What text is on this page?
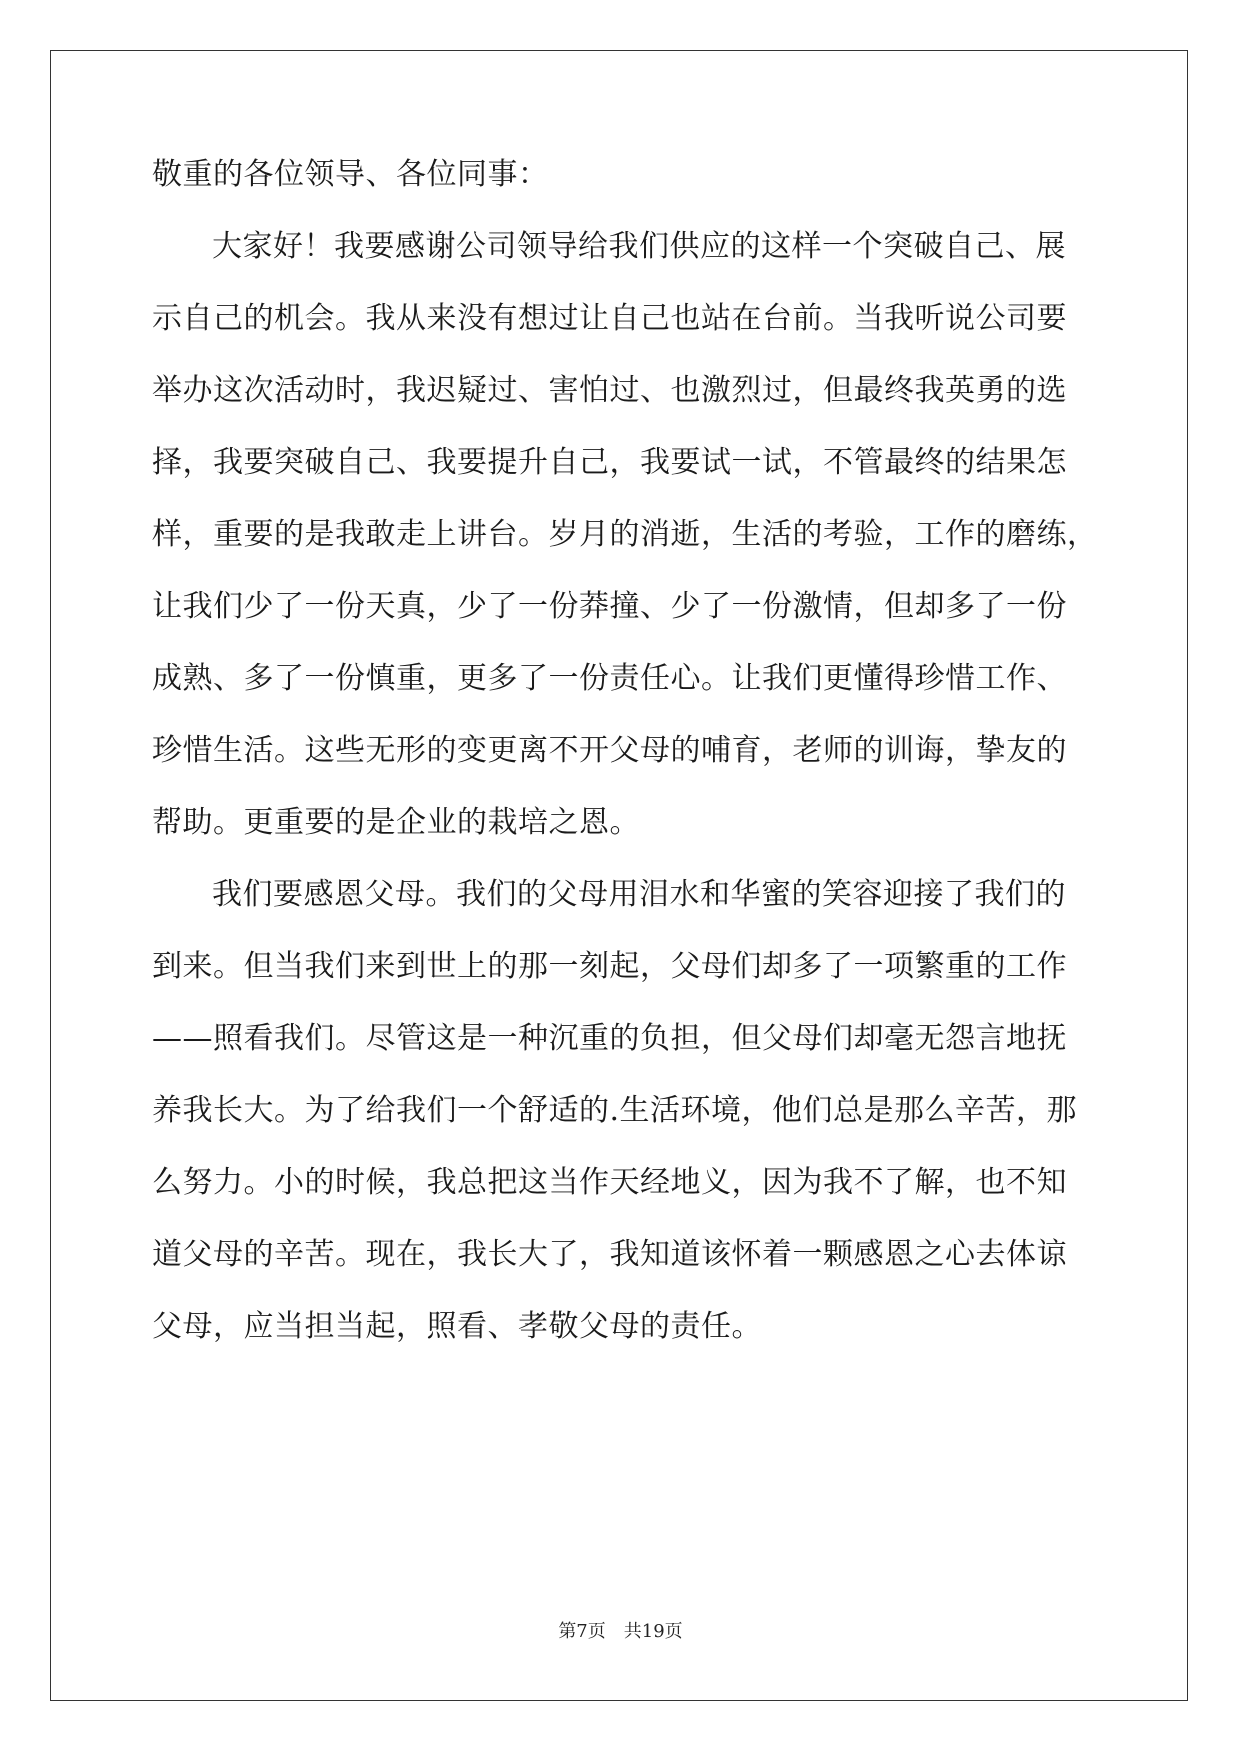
敬重的各位领导、各位同事：
大家好！我要感谢公司领导给我们供应的这样一个突破自己、展
示自己的机会。我从来没有想过让自己也站在台前。当我听说公司要
举办这次活动时，我迟疑过、害怕过、也激烈过，但最终我英勇的选
择，我要突破自己、我要提升自己，我要试一试，不管最终的结果怎
样，重要的是我敢走上讲台。岁月的消逝，生活的考验，工作的磨练，
让我们少了一份天真，少了一份莽撞、少了一份激情，但却多了一份
成熟、多了一份慎重，更多了一份责任心。让我们更懂得珍惜工作、
珍惜生活。这些无形的变更离不开父母的哺育，老师的训诲，挚友的
帮助。更重要的是企业的栽培之恩。
我们要感恩父母。我们的父母用泪水和华蜜的笑容迎接了我们的
到来。但当我们来到世上的那一刻起，父母们却多了一项繁重的工作
——照看我们。尽管这是一种沉重的负担，但父母们却毫无怨言地抚
养我长大。为了给我们一个舒适的.生活环境，他们总是那么辛苦，那
么努力。小的时候，我总把这当作天经地义，因为我不了解，也不知
道父母的辛苦。现在，我长大了，我知道该怀着一颗感恩之心去体谅
父母，应当担当起，照看、孝敬父母的责任。
第7页　共19页
